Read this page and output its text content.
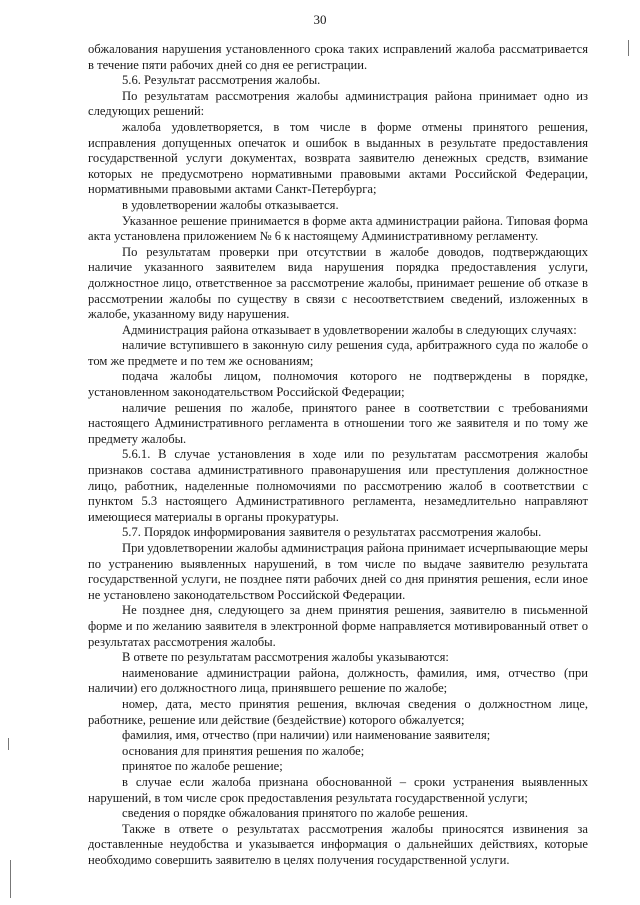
30

обжалования нарушения установленного срока таких исправлений жалоба рассматривается в течение пяти рабочих дней со дня ее регистрации.

5.6. Результат рассмотрения жалобы.

По результатам рассмотрения жалобы администрация района принимает одно из следующих решений:

жалоба удовлетворяется, в том числе в форме отмены принятого решения, исправления допущенных опечаток и ошибок в выданных в результате предоставления государственной услуги документах, возврата заявителю денежных средств, взимание которых не предусмотрено нормативными правовыми актами Российской Федерации, нормативными правовыми актами Санкт-Петербурга;

в удовлетворении жалобы отказывается.

Указанное решение принимается в форме акта администрации района. Типовая форма акта установлена приложением № 6 к настоящему Административному регламенту.

По результатам проверки при отсутствии в жалобе доводов, подтверждающих наличие указанного заявителем вида нарушения порядка предоставления услуги, должностное лицо, ответственное за рассмотрение жалобы, принимает решение об отказе в рассмотрении жалобы по существу в связи с несоответствием сведений, изложенных в жалобе, указанному виду нарушения.

Администрация района отказывает в удовлетворении жалобы в следующих случаях:

наличие вступившего в законную силу решения суда, арбитражного суда по жалобе о том же предмете и по тем же основаниям;

подача жалобы лицом, полномочия которого не подтверждены в порядке, установленном законодательством Российской Федерации;

наличие решения по жалобе, принятого ранее в соответствии с требованиями настоящего Административного регламента в отношении того же заявителя и по тому же предмету жалобы.

5.6.1. В случае установления в ходе или по результатам рассмотрения жалобы признаков состава административного правонарушения или преступления должностное лицо, работник, наделенные полномочиями по рассмотрению жалоб в соответствии с пунктом 5.3 настоящего Административного регламента, незамедлительно направляют имеющиеся материалы в органы прокуратуры.

5.7. Порядок информирования заявителя о результатах рассмотрения жалобы.

При удовлетворении жалобы администрация района принимает исчерпывающие меры по устранению выявленных нарушений, в том числе по выдаче заявителю результата государственной услуги, не позднее пяти рабочих дней со дня принятия решения, если иное не установлено законодательством Российской Федерации.

Не позднее дня, следующего за днем принятия решения, заявителю в письменной форме и по желанию заявителя в электронной форме направляется мотивированный ответ о результатах рассмотрения жалобы.

В ответе по результатам рассмотрения жалобы указываются:

наименование администрации района, должность, фамилия, имя, отчество (при наличии) его должностного лица, принявшего решение по жалобе;

номер, дата, место принятия решения, включая сведения о должностном лице, работнике, решение или действие (бездействие) которого обжалуется;

фамилия, имя, отчество (при наличии) или наименование заявителя;

основания для принятия решения по жалобе;

принятое по жалобе решение;

в случае если жалоба признана обоснованной – сроки устранения выявленных нарушений, в том числе срок предоставления результата государственной услуги;

сведения о порядке обжалования принятого по жалобе решения.

Также в ответе о результатах рассмотрения жалобы приносятся извинения за доставленные неудобства и указывается информация о дальнейших действиях, которые необходимо совершить заявителю в целях получения государственной услуги.
